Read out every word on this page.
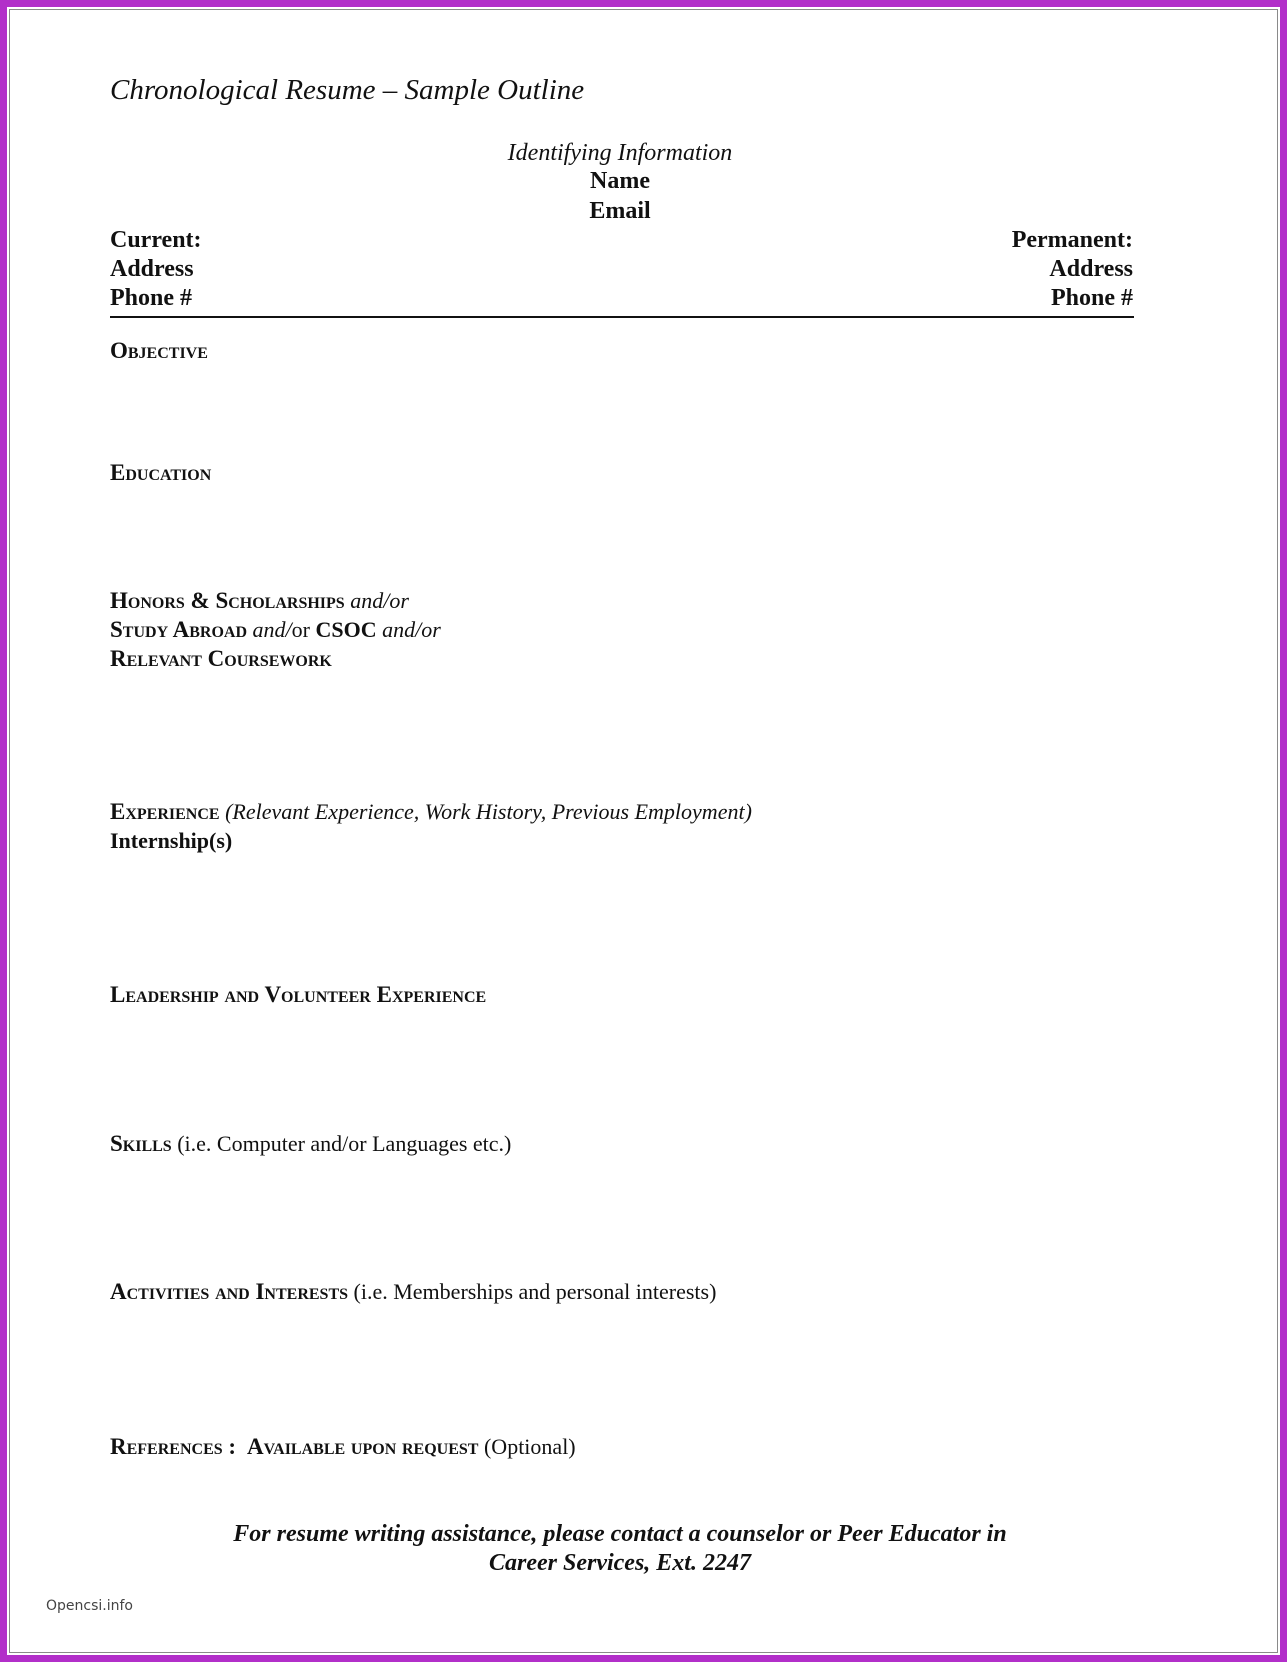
Chronological Resume – Sample Outline
Identifying Information
Name
Email
Current:
Address
Phone #
Permanent:
Address
Phone #
Objective
Education
Honors & Scholarships and/or
Study Abroad and/or CSOC and/or
Relevant Coursework
Experience (Relevant Experience, Work History, Previous Employment)
Internship(s)
Leadership and Volunteer Experience
Skills (i.e. Computer and/or Languages etc.)
Activities and Interests (i.e. Memberships and personal interests)
References : Available upon request (Optional)
For resume writing assistance, please contact a counselor or Peer Educator in
Career Services, Ext. 2247
Opencsi.info
